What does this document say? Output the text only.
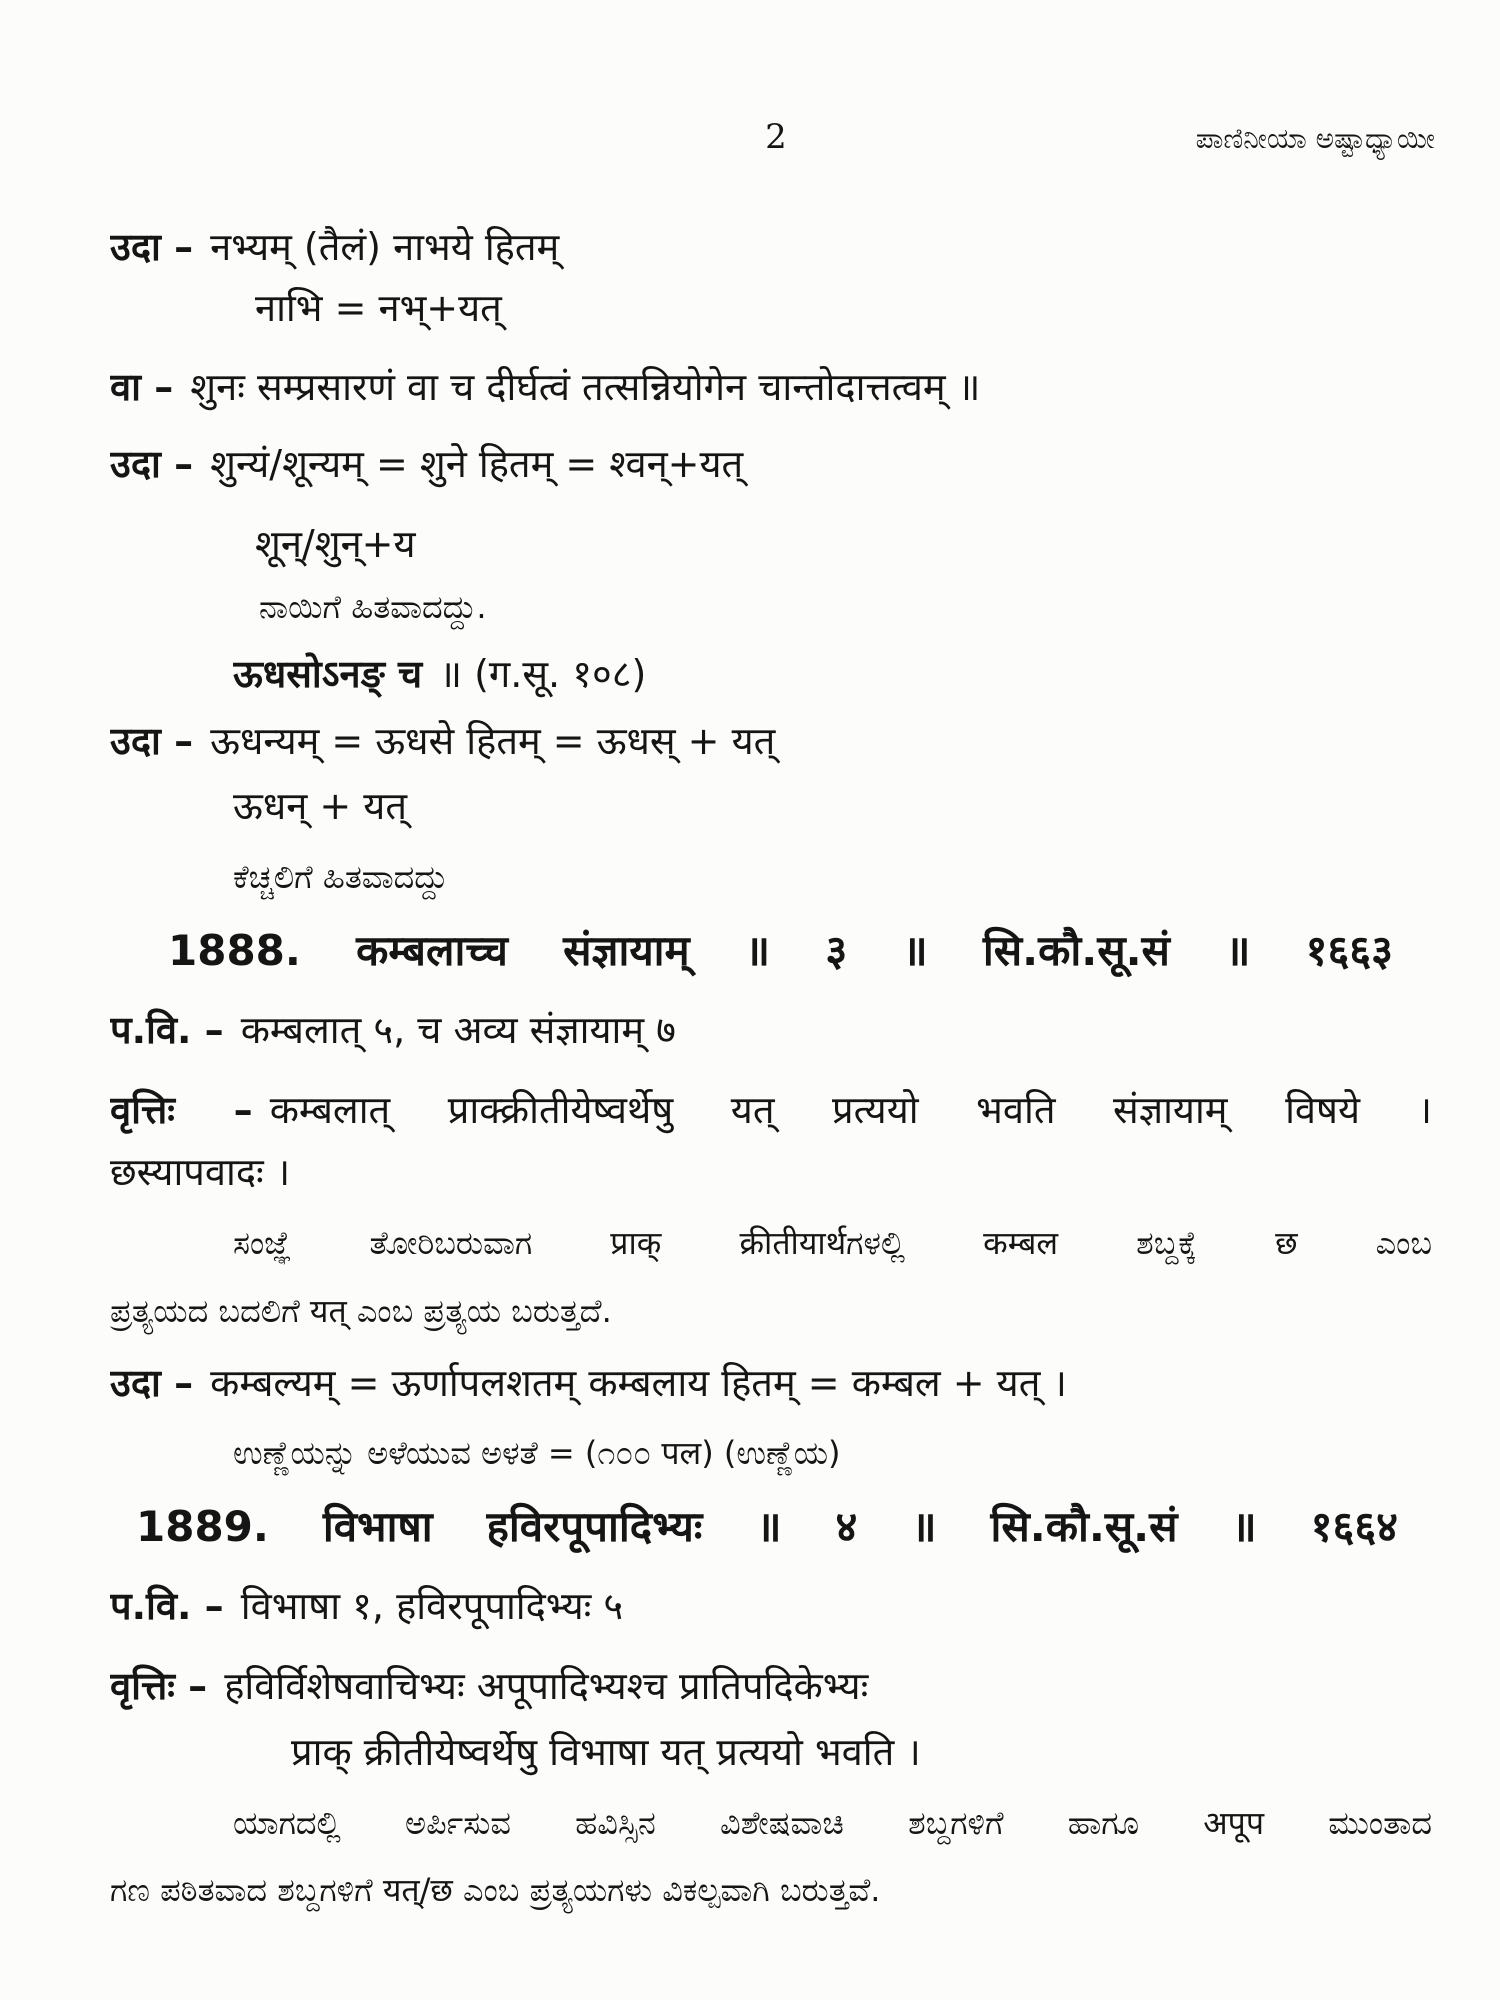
2	ಪಾಣಿನೀಯಾ ಅಷ್ಟಾಧ್ಯಾಯೀ
उदा – नभ्यम् (तैलं) नाभये हितम्
नाभि = नभ्+यत्
वा – शुनः सम्प्रसारणं वा च दीर्घत्वं तत्सन्नियोगेन चान्तोदात्तत्वम् ॥
उदा – शुन्यं/शून्यम् = शुने हितम् = श्वन्+यत्
शून्/शुन्+य
ನಾಯಿಗೆ ಹಿತವಾದದ್ದು.
ऊधसोऽनङ् च ॥ (ग.सू. १०८)
उदा – ऊधन्यम् = ऊधसे हितम् = ऊधस् + यत्
ऊधन् + यत्
ಕೆಚ್ಚಲಿಗೆ ಹಿತವಾದದ್ದು
1888. कम्बलाच्च संज्ञायाम् ॥ ३ ॥ सि.कौ.सू.सं ॥ १६६३
प.वि. – कम्बलात् ५, च अव्य संज्ञायाम् ७
वृत्तिः – कम्बलात् प्राक्क्रीतीयेष्वर्थेषु यत् प्रत्ययो भवति संज्ञायाम् विषये ।
छस्यापवादः ।
ಸಂಜ್ಞೆ ತೋರಿಬರುವಾಗ प्राक् क्रीतीयार्थಗಳಲ್ಲಿ कम्बल ಶಬ್ದಕ್ಕೆ छ ಎಂಬ
ಪ್ರತ್ಯಯದ ಬದಲಿಗೆ यत् ಎಂಬ ಪ್ರತ್ಯಯ ಬರುತ್ತದೆ.
उदा – कम्बल्यम् = ऊर्णापलशतम् कम्बलाय हितम् = कम्बल + यत् ।
ಉಣ್ಣೆಯನ್ನು ಅಳೆಯುವ ಅಳತೆ = (೧೦೦ पल) (ಉಣ್ಣೆಯ)
1889. विभाषा हविरपूपादिभ्यः ॥ ४ ॥ सि.कौ.सू.सं ॥ १६६४
प.वि. – विभाषा १, हविरपूपादिभ्यः ५
वृत्तिः – हविर्विशेषवाचिभ्यः अपूपादिभ्यश्च प्रातिपदिकेभ्यः
प्राक् क्रीतीयेष्वर्थेषु विभाषा यत् प्रत्ययो भवति ।
ಯಾಗದಲ್ಲಿ ಅರ್ಪಿಸುವ ಹವಿಸ್ಸಿನ ವಿಶೇಷವಾಚಿ ಶಬ್ದಗಳಿಗೆ ಹಾಗೂ अपूप ಮುಂತಾದ
ಗಣ ಪಠಿತವಾದ ಶಬ್ದಗಳಿಗೆ यत्/छ ಎಂಬ ಪ್ರತ್ಯಯಗಳು ವಿಕಲ್ಪವಾಗಿ ಬರುತ್ತವೆ.
